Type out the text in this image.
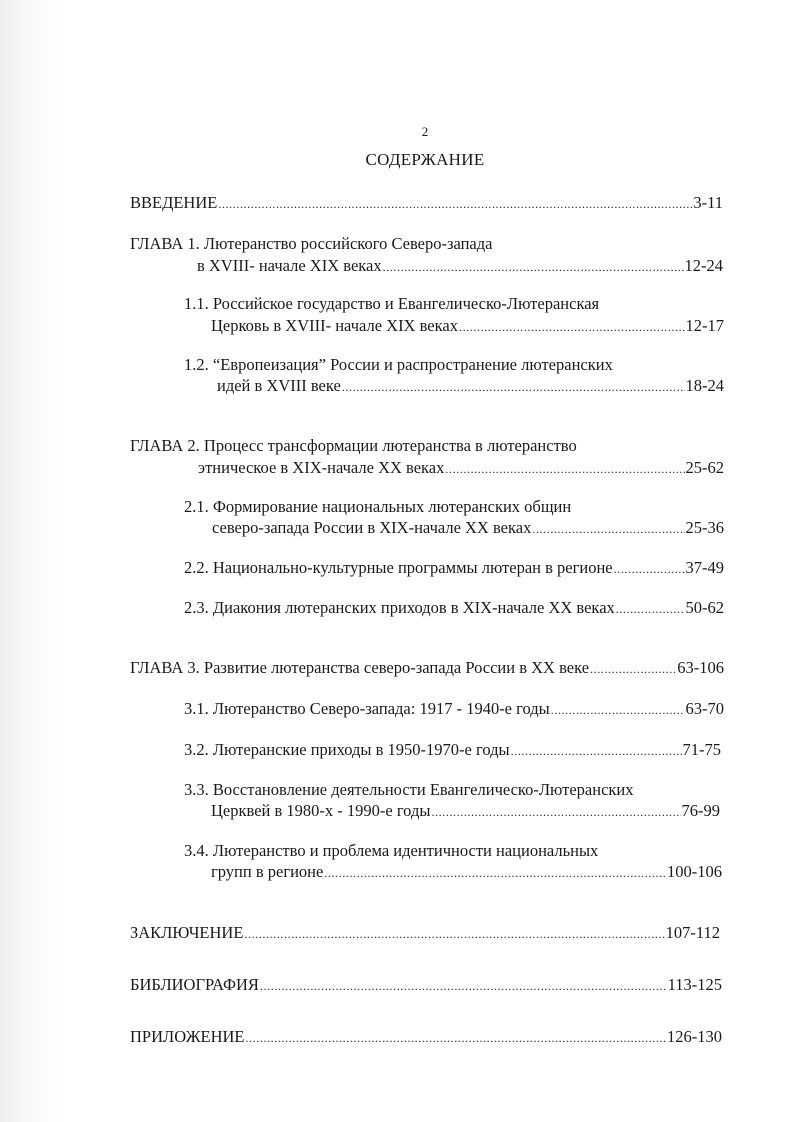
2
СОДЕРЖАНИЕ
ВВЕДЕНИЕ .....	3-11
ГЛАВА 1. Лютеранство российского Северо-запада
в XVIII- начале XIX веках .....	12-24
1.1. Российское государство и Евангелическо-Лютеранская
Церковь в XVIII- начале XIX веках .....	12-17
1.2. “Европеизация” России и распространение лютеранских
идей в XVIII веке .....	18-24
ГЛАВА 2. Процесс трансформации лютеранства в лютеранство
этническое в XIX-начале XX веках .....	25-62
2.1. Формирование национальных лютеранских общин
северо-запада России в XIX-начале XX веках .....	25-36
2.2. Национально-культурные программы лютеран в регионе .....	37-49
2.3. Диакония лютеранских приходов в XIX-начале XX веках .....	50-62
ГЛАВА 3. Развитие лютеранства северо-запада России в XX веке .....	63-106
3.1. Лютеранство Северо-запада: 1917 - 1940-е годы .....	63-70
3.2. Лютеранские приходы в 1950-1970-е годы .....	71-75
3.3. Восстановление деятельности Евангелическо-Лютеранских
Церквей в 1980-х - 1990-е годы .....	76-99
3.4. Лютеранство и проблема идентичности национальных
групп в регионе .....	100-106
ЗАКЛЮЧЕНИЕ .....	107-112
БИБЛИОГРАФИЯ .....	113-125
ПРИЛОЖЕНИЕ .....	126-130
